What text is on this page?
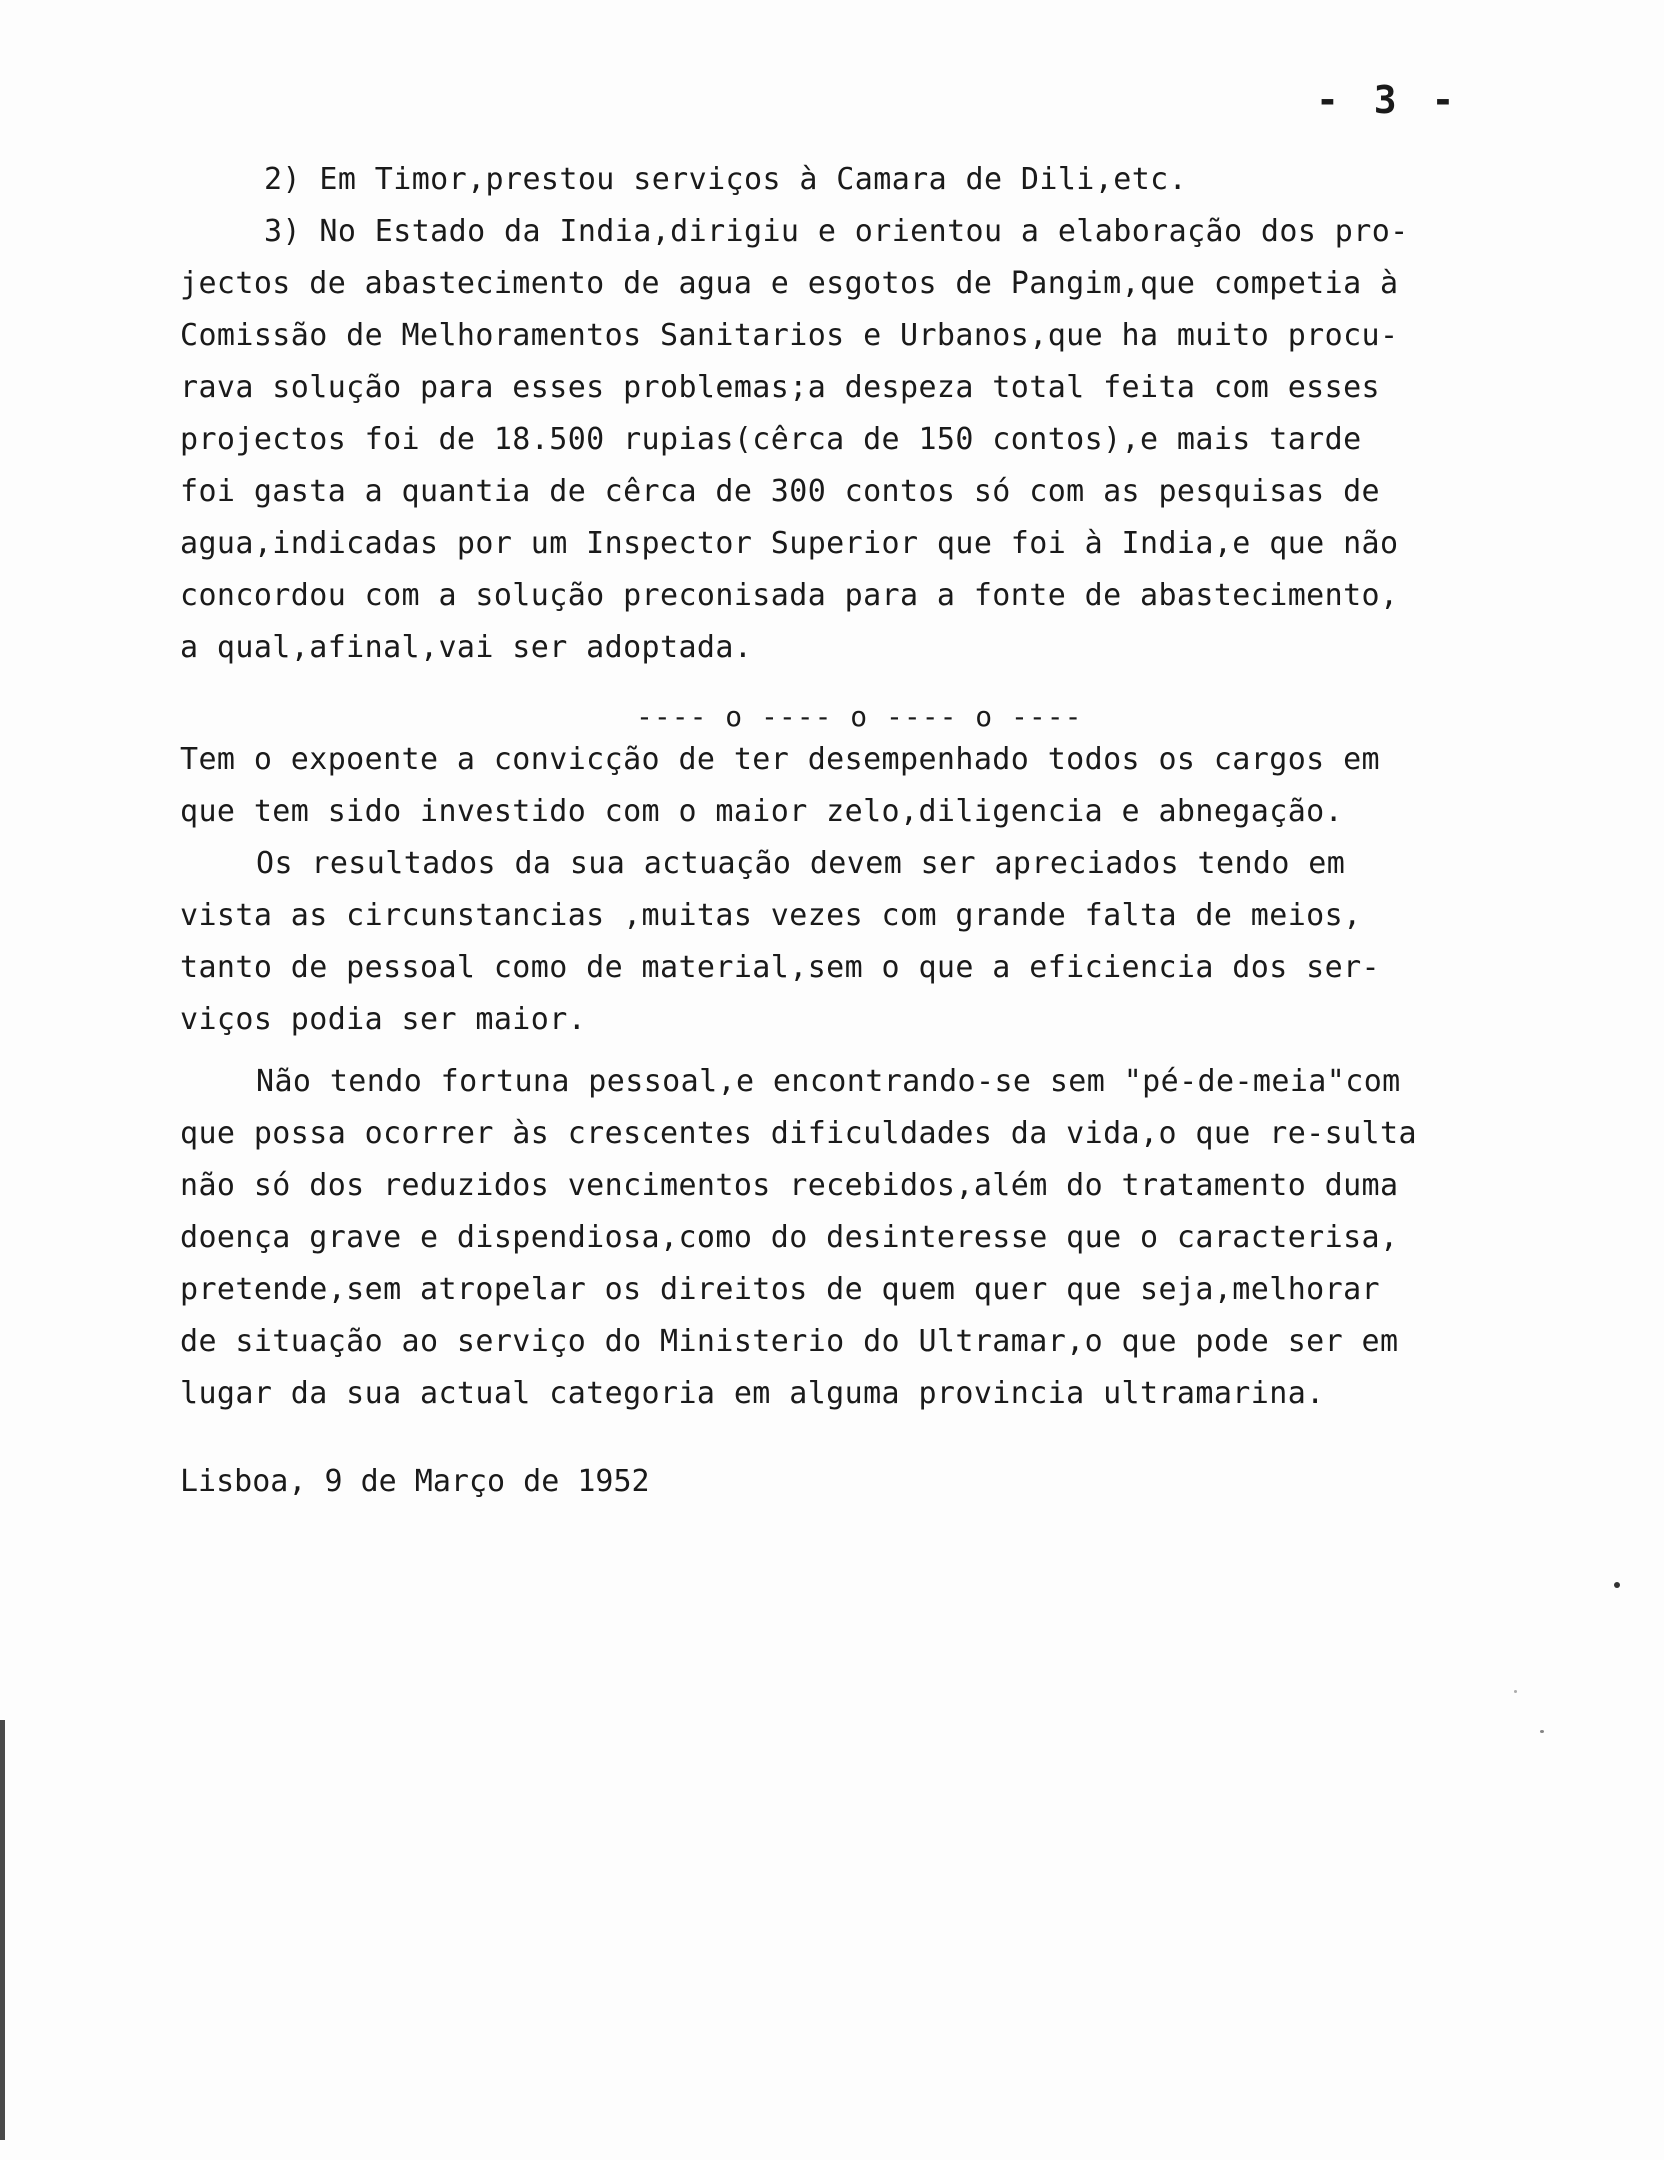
- 3 -
2) Em Timor,prestou serviços à Camara de Dili,etc.
3) No Estado da India,dirigiu e orientou a elaboração dos pro-
jectos de abastecimento de agua e esgotos de Pangim,que competia à
Comissão de Melhoramentos Sanitarios e Urbanos,que ha muito procu-
rava solução para esses problemas;a despeza total feita com esses
projectos foi de 18.500 rupias(cêrca de 150 contos),e mais tarde
foi gasta a quantia de cêrca de 300 contos só com as pesquisas de
agua,indicadas por um Inspector Superior que foi à India,e que não
concordou com a solução preconisada para a fonte de abastecimento,
a qual,afinal,vai ser adoptada.
---- o ---- o ---- o ----
Tem o expoente a convicção de ter desempenhado todos os cargos em
que tem sido investido com o maior zelo,diligencia e abnegação.
Os resultados da sua actuação devem ser apreciados tendo em
vista as circunstancias ,muitas vezes com grande falta de meios,
tanto de pessoal como de material,sem o que a eficiencia dos ser-
viços podia ser maior.
Não tendo fortuna pessoal,e encontrando-se sem "pé-de-meia"com
que possa ocorrer às crescentes dificuldades da vida,o que re-sulta
não só dos reduzidos vencimentos recebidos,além do tratamento duma
doença grave e dispendiosa,como do desinteresse que o caracterisa,
pretende,sem atropelar os direitos de quem quer que seja,melhorar
de situação ao serviço do Ministerio do Ultramar,o que pode ser em
lugar da sua actual categoria em alguma provincia ultramarina.
Lisboa, 9 de Março de 1952
